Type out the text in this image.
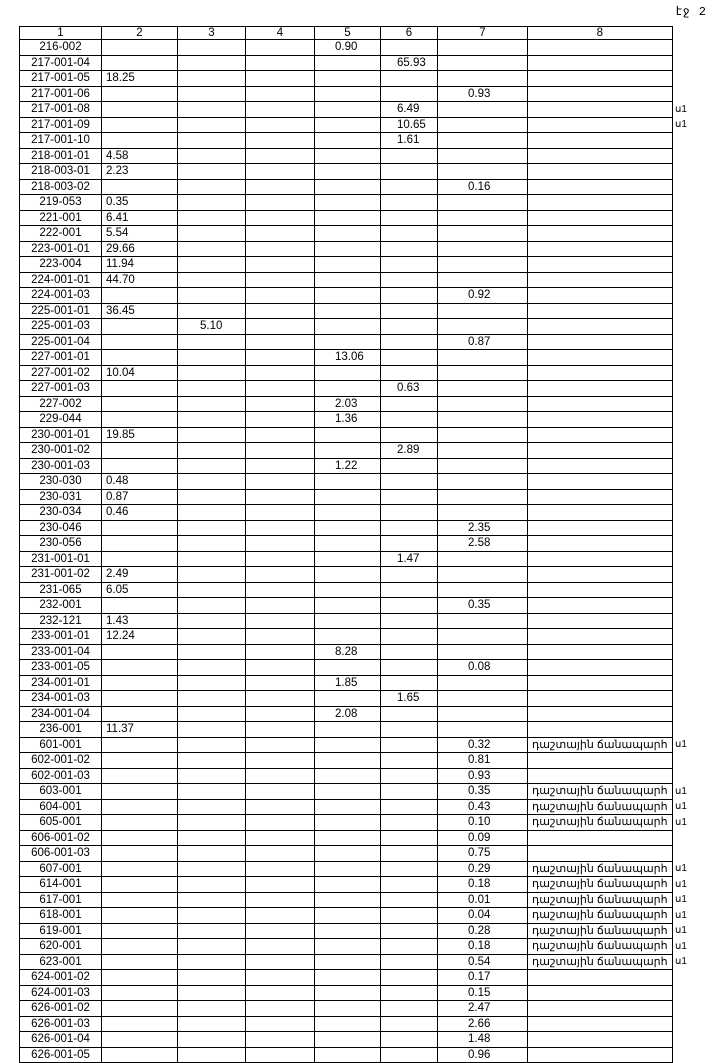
էջ 2
1	2	3	4	5	6	7	8
216-002				0.90			
217-001-04					65.93		
217-001-05	18.25						
217-001-06						0.93	
217-001-08					6.49		
217-001-09					10.65		
217-001-10					1.61		
218-001-01	4.58						
218-003-01	2.23						
218-003-02						0.16	
219-053	0.35						
221-001	6.41						
222-001	5.54						
223-001-01	29.66						
223-004	11.94						
224-001-01	44.70						
224-001-03						0.92	
225-001-01	36.45						
225-001-03		5.10					
225-001-04						0.87	
227-001-01				13.06			
227-001-02	10.04						
227-001-03					0.63		
227-002				2.03			
229-044				1.36			
230-001-01	19.85						
230-001-02					2.89		
230-001-03				1.22			
230-030	0.48						
230-031	0.87						
230-034	0.46						
230-046						2.35	
230-056						2.58	
231-001-01					1.47		
231-001-02	2.49						
231-065	6.05						
232-001						0.35	
232-121	1.43						
233-001-01	12.24						
233-001-04				8.28			
233-001-05						0.08	
234-001-01				1.85			
234-001-03					1.65		
234-001-04				2.08			
236-001	11.37						
601-001						0.32	դաշտային ճանապարհ
602-001-02						0.81	
602-001-03						0.93	
603-001						0.35	դաշտային ճանապարհ
604-001						0.43	դաշտային ճանապարհ
605-001						0.10	դաշտային ճանապարհ
606-001-02						0.09	
606-001-03						0.75	
607-001						0.29	դաշտային ճանապարհ
614-001						0.18	դաշտային ճանապարհ
617-001						0.01	դաշտային ճանապարհ
618-001						0.04	դաշտային ճանապարհ
619-001						0.28	դաշտային ճանապարհ
620-001						0.18	դաշտային ճանապարհ
623-001						0.54	դաշտային ճանապարհ
624-001-02						0.17	
624-001-03						0.15	
626-001-02						2.47	
626-001-03						2.66	
626-001-04						1.48	
626-001-05						0.96	
ս1
ս1
ս1
ս1
ս1
ս1
ս1
ս1
ս1
ս1
ս1
ս1
ս1
